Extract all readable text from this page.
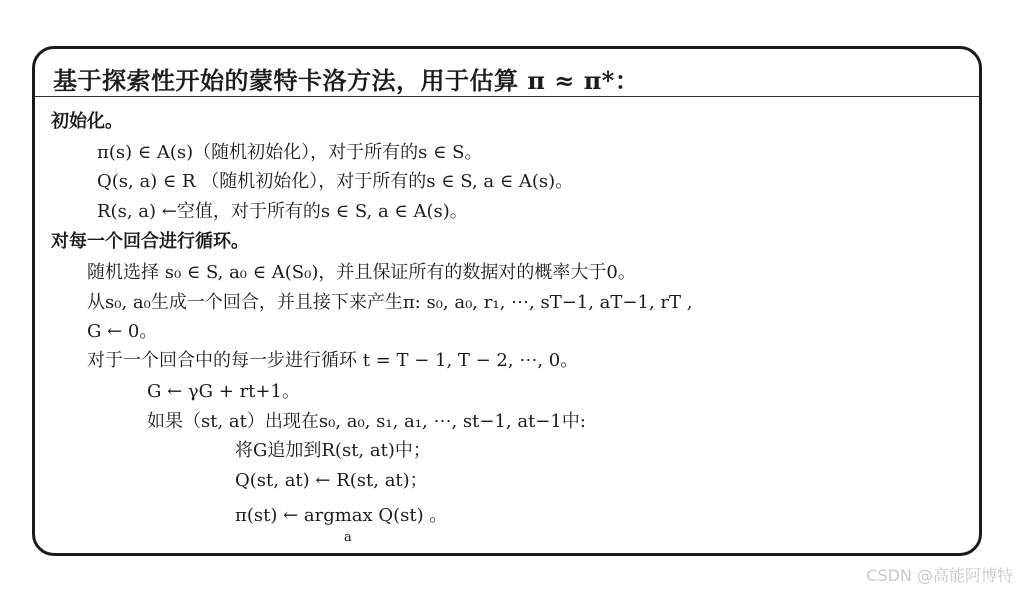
基于探索性开始的蒙特卡洛方法，用于估算 π ≈ π*：
初始化。
π(s) ∈ A(s)（随机初始化），对于所有的s ∈ S。
Q(s, a) ∈ R （随机初始化），对于所有的s ∈ S, a ∈ A(s)。
R(s, a) ←空值，对于所有的s ∈ S, a ∈ A(s)。
对每一个回合进行循环。
随机选择 s₀ ∈ S, a₀ ∈ A(S₀)，并且保证所有的数据对的概率大于0。
从s₀, a₀生成一个回合，并且接下来产生π: s₀, a₀, r₁, ⋯, sT−1, aT−1, rT ,
G ← 0。
对于一个回合中的每一步进行循环 t = T − 1, T − 2, ⋯, 0。
G ← γG + rt+1。
如果（st, at）出现在s₀, a₀, s₁, a₁, ⋯, st−1, at−1中:
将G追加到R(st, at)中；
Q(st, at) ← R(st, at)；
π(st) ← argmax Q(st) 。
a
CSDN @高能阿博特
